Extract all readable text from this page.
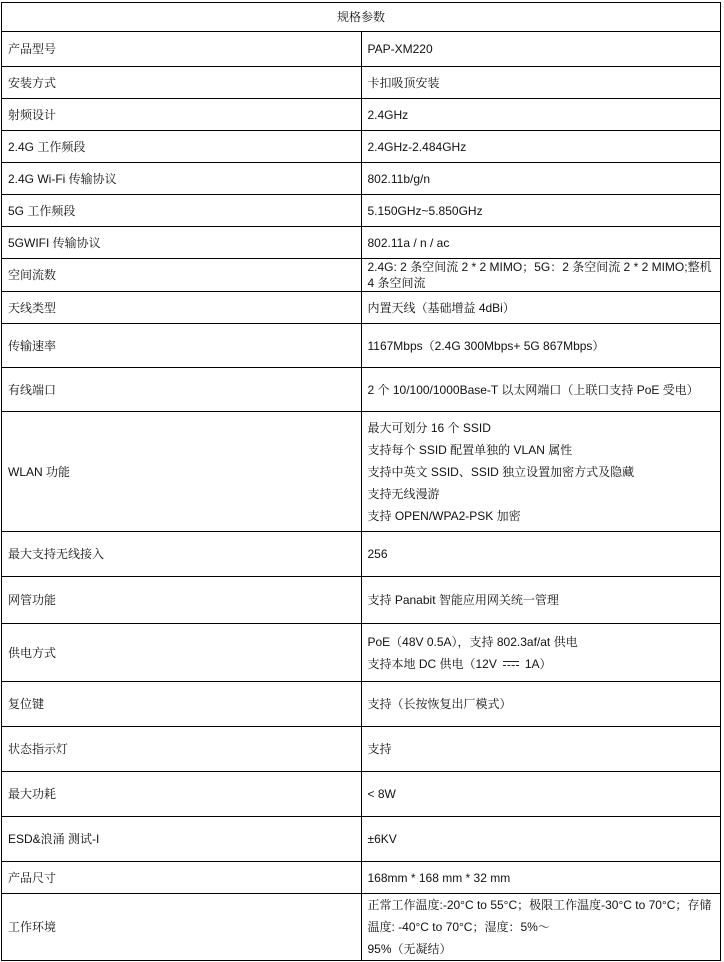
规格参数	
产品型号	PAP-XM220
安装方式	卡扣吸顶安装
射频设计	2.4GHz
2.4G 工作频段	2.4GHz-2.484GHz
2.4G Wi-Fi 传输协议	802.11b/g/n
5G 工作频段	5.150GHz~5.850GHz
5GWIFI 传输协议	802.11a / n / ac
空间流数	2.4G: 2 条空间流 2 * 2 MIMO；5G：2 条空间流 2 * 2 MIMO;整机 4 条空间流
天线类型	内置天线（基础增益 4dBi）
传输速率	1167Mbps（2.4G 300Mbps+ 5G 867Mbps）
有线端口	2 个 10/100/1000Base-T 以太网端口（上联口支持 PoE 受电）
WLAN 功能	最大可划分 16 个 SSID
支持每个 SSID 配置单独的 VLAN 属性
支持中英文 SSID、SSID 独立设置加密方式及隐藏
支持无线漫游
支持 OPEN/WPA2-PSK 加密

最大支持无线接入	256
网管功能	支持 Panabit 智能应用网关统一管理
供电方式	PoE（48V 0.5A），支持 802.3af/at 供电
支持本地 DC 供电（12V 1A）

复位键	支持（长按恢复出厂模式）
状态指示灯	支持
最大功耗	< 8W
ESD&浪涌 测试-I	±6KV
产品尺寸	168mm * 168 mm * 32 mm
工作环境	正常工作温度:-20°C to 55°C；极限工作温度-30°C to 70°C；存储温度: -40°C to 70°C；湿度：5%～
95%（无凝结）
